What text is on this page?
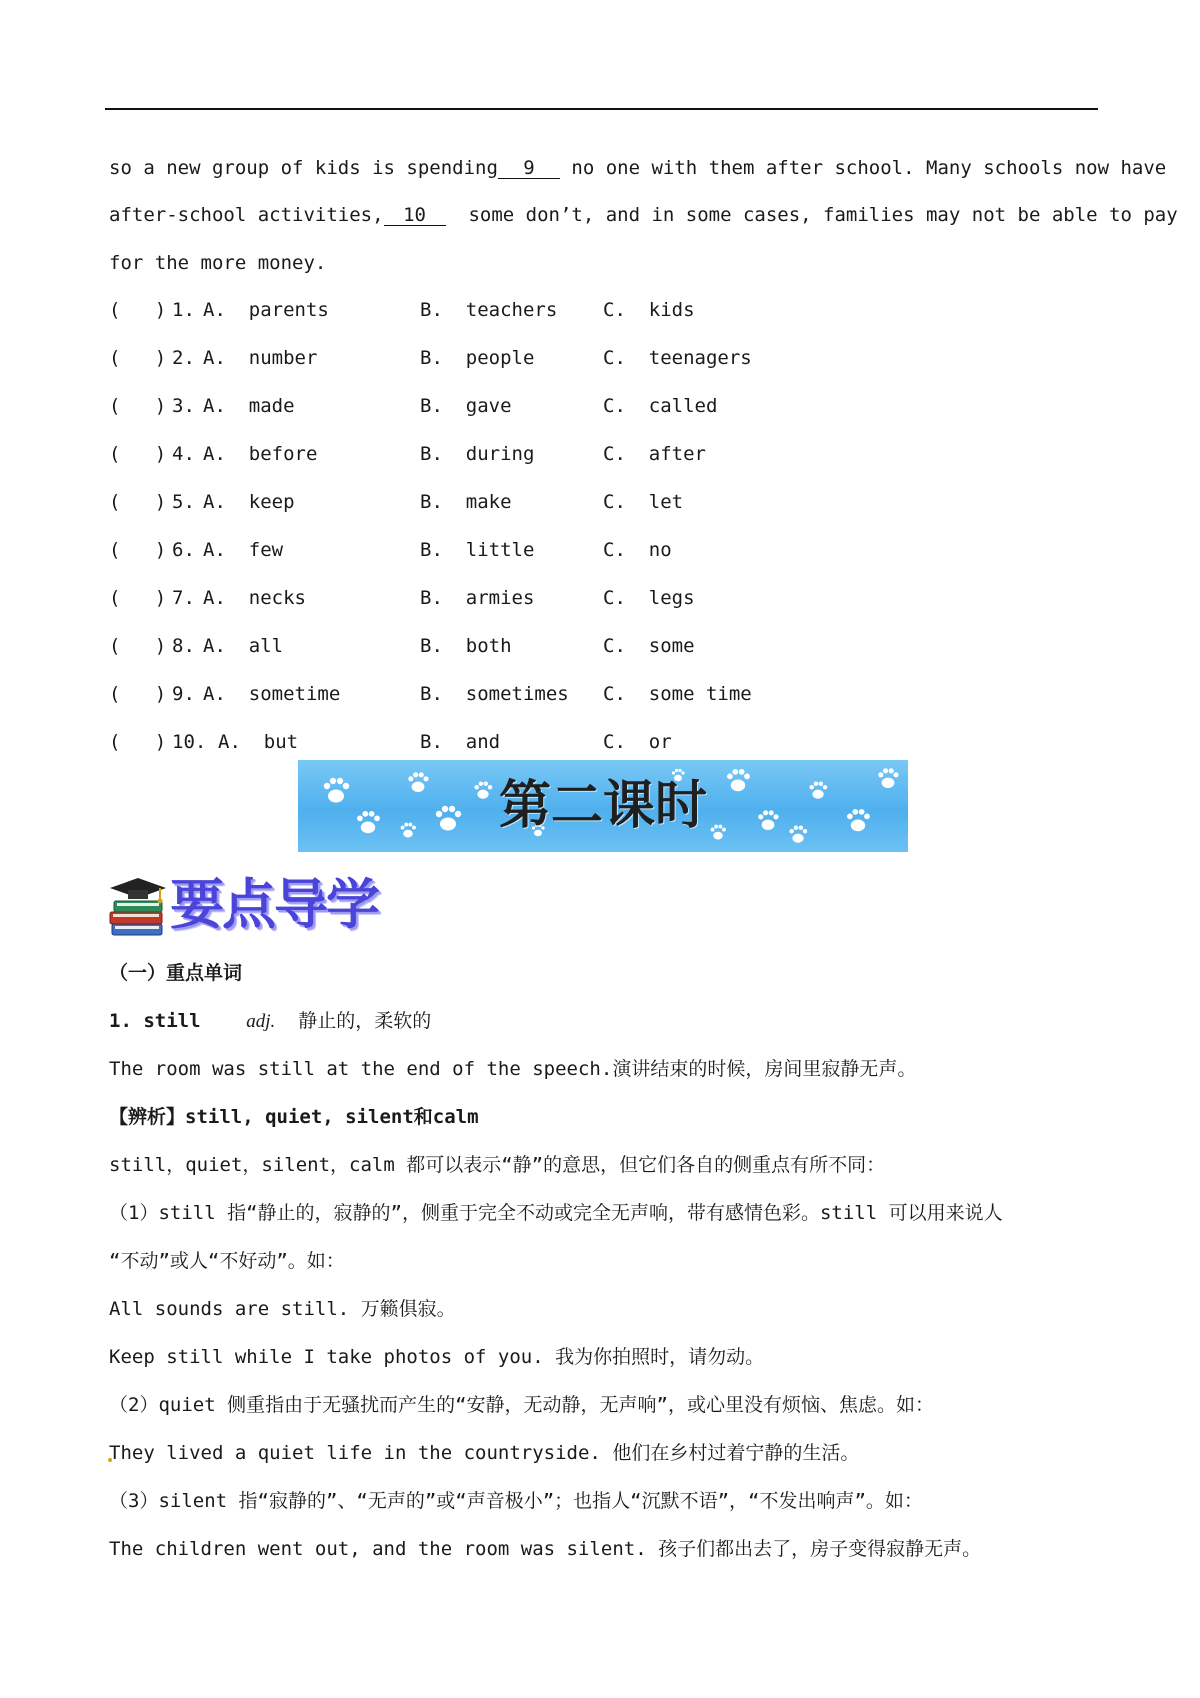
so a new group of kids is spending 9 no one with them after school. Many schools now have
after-school activities, 10 some don’t, and in some cases, families may not be able to pay
for the more money.
(   ) 1. A.  parents	B.  teachers C.  kids
(   ) 2. A.  number	B.  people	C.  teenagers
(   ) 3. A.  made	B.  gave	C.  called
(   ) 4. A.  before	B.  during	C.  after
(   ) 5. A.  keep	B.  make	C.  let
(   ) 6. A.  few	B.  little	C.  no
(   ) 7. A.  necks	B.  armies	C.  legs
(   ) 8. A.  all	B.  both	C.  some
(   ) 9. A.  sometime	B.  sometimes C.  some time
(   ) 10. A.  but	B.  and	C.  or
第二课时
要点导学
（一）重点单词
1. still adj. 静止的，柔软的
The room was still at the end of the speech.演讲结束的时候，房间里寂静无声。
【辨析】still, quiet, silent和calm
still，quiet，silent，calm 都可以表示“静”的意思，但它们各自的侧重点有所不同：
（1）still 指“静止的，寂静的”，侧重于完全不动或完全无声响，带有感情色彩。still 可以用来说人
“不动”或人“不好动”。如：
All sounds are still. 万籁俱寂。
Keep still while I take photos of you. 我为你拍照时，请勿动。
（2）quiet 侧重指由于无骚扰而产生的“安静，无动静，无声响”，或心里没有烦恼、焦虑。如：
They lived a quiet life in the countryside. 他们在乡村过着宁静的生活。
（3）silent 指“寂静的”、“无声的”或“声音极小”；也指人“沉默不语”，“不发出响声”。如：
The children went out, and the room was silent. 孩子们都出去了，房子变得寂静无声。
